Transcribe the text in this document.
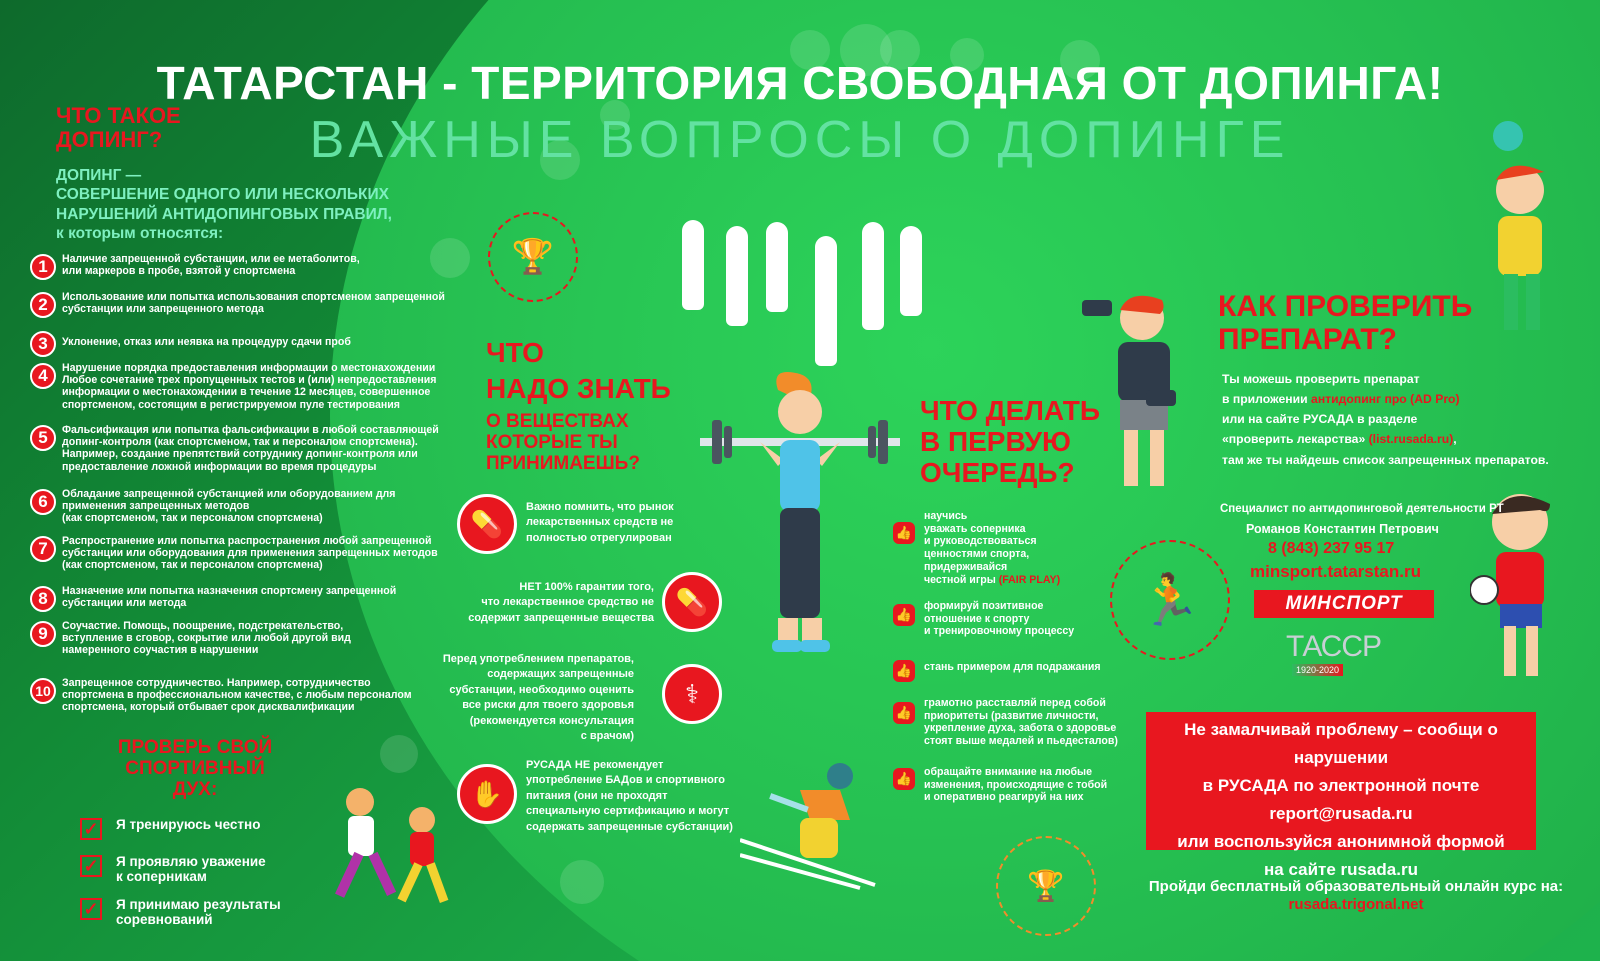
ТАТАРСТАН - ТЕРРИТОРИЯ СВОБОДНАЯ ОТ ДОПИНГА!
ВАЖНЫЕ ВОПРОСЫ О ДОПИНГЕ
ЧТО ТАКОЕ
ДОПИНГ?
ДОПИНГ —
СОВЕРШЕНИЕ ОДНОГО ИЛИ НЕСКОЛЬКИХ
НАРУШЕНИЙ АНТИДОПИНГОВЫХ ПРАВИЛ,
к которым относятся:
1	Наличие запрещенной субстанции, или ее метаболитов,
или маркеров в пробе, взятой у спортсмена
2	Использование или попытка использования спортсменом запрещенной
субстанции или запрещенного метода
3	Уклонение, отказ или неявка на процедуру сдачи проб
4	Нарушение порядка предоставления информации о местонахождении
Любое сочетание трех пропущенных тестов и (или) непредоставления
информации о местонахождении в течение 12 месяцев, совершенное
спортсменом, состоящим в регистрируемом пуле тестирования
5	Фальсификация или попытка фальсификации в любой составляющей
допинг-контроля (как спортсменом, так и персоналом спортсмена).
Например, создание препятствий сотруднику допинг-контроля или
предоставление ложной информации во время процедуры
6	Обладание запрещенной субстанцией или оборудованием для
применения запрещенных методов
(как спортсменом, так и персоналом спортсмена)
7	Распространение или попытка распространения любой запрещенной
субстанции или оборудования для применения запрещенных методов
(как спортсменом, так и персоналом спортсмена)
8	Назначение или попытка назначения спортсмену запрещенной
субстанции или метода
9	Соучастие. Помощь, поощрение, подстрекательство,
вступление в сговор, сокрытие или любой другой вид
намеренного соучастия в нарушении
10	Запрещенное сотрудничество. Например, сотрудничество
спортсмена в профессиональном качестве, с любым персоналом
спортсмена, который отбывает срок дисквалификации
ПРОВЕРЬ СВОЙ
СПОРТИВНЫЙ
ДУХ:
✓ Я тренируюсь честно
✓ Я проявляю уважение
к соперникам
✓ Я принимаю результаты
соревнований
🏆
ЧТО
НАДО ЗНАТЬ
О ВЕЩЕСТВАХ
КОТОРЫЕ ТЫ
ПРИНИМАЕШЬ?
💊
Важно помнить, что рынок
лекарственных средств не
полностью отрегулирован
💊
НЕТ 100% гарантии того,
что лекарственное средство не
содержит запрещенные вещества
⚕
Перед употреблением препаратов,
содержащих запрещенные
субстанции, необходимо оценить
все риски для твоего здоровья
(рекомендуется консультация
с врачом)
✋
РУСАДА НЕ рекомендует
употребление БАДов и спортивного
питания (они не проходят
специальную сертификацию и могут
содержать запрещенные субстанции)
ЧТО ДЕЛАТЬ
В ПЕРВУЮ
ОЧЕРЕДЬ?
👍
научись
уважать соперника
и руководствоваться
ценностями спорта,
придерживайся
честной игры (FAIR PLAY)
👍
формируй позитивное
отношение к спорту
и тренировочному процессу
👍 стань примером для подражания
👍
грамотно расставляй перед собой
приоритеты (развитие личности,
укрепление духа, забота о здоровье
стоят выше медалей и пьедесталов)
👍 обращайте внимание на любые
изменения, происходящие с тобой
и оперативно реагируй на них
🏃
🏆
КАК ПРОВЕРИТЬ
ПРЕПАРАТ?
Ты можешь проверить препарат
в приложении антидопинг про (AD Pro)
или на сайте РУСАДА в разделе
«проверить лекарства» (list.rusada.ru),
там же ты найдешь список запрещенных препаратов.
Специалист по антидопинговой деятельности РТ
Романов Константин Петрович
8 (843) 237 95 17
minsport.tatarstan.ru
МИНСПОРТ
ТАССР
1920-2020
Не замалчивай проблему – сообщи о нарушении
в РУСАДА по электронной почте report@rusada.ru
или воспользуйся анонимной формой
на сайте rusada.ru
Пройди бесплатный образовательный онлайн курс на:
rusada.trigonal.net
